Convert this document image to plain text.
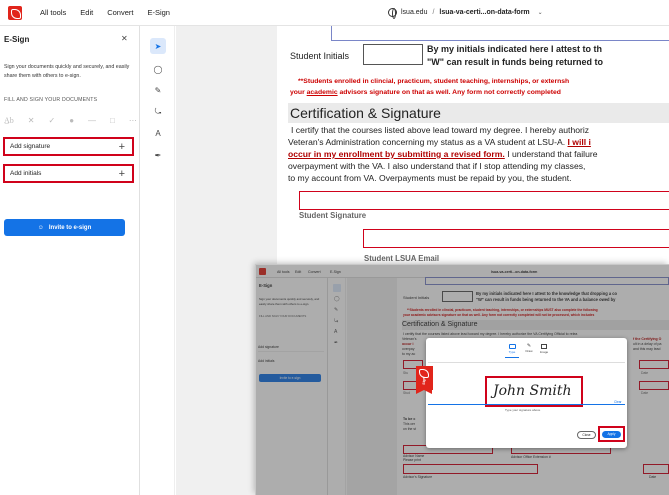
All tools Edit Convert E-Sign	lsua.edu / lsua-va-certi...on-data-form ⌄
E-Sign	✕
Sign your documents quickly and securely, and easily share them with others to e-sign.
FILL AND SIGN YOUR DOCUMENTS
A̲b ✕ ✓ ● — □ ⋯
Add signature	+
Add initials	+
☺ Invite to e-sign
➤
◯
✎
⤿
A
✒
Student Initials
By my initials indicated here I attest to th
"W" can result in funds being returned to
**Students enrolled in clincial, practicum, student teaching, internships, or externsh
your academic advisors signature on that as well. Any form not correctly completed
Certification & Signature
I certify that the courses listed above lead toward my degree. I hereby authoriz
Veteran's Administration concerning my status as a VA student at LSU-A. I will i
occur in my enrollment by submitting a revised form. I understand that failure
overpayment with the VA. I also understand that if I stop attending my classes,
to my account from VA. Overpayments must be repaid by you, the student.
Student Signature
Student LSUA Email
All tools Edit Convert	E-Sign	lsua-va-certi...on-data-form
E-Sign
Sign your documents quickly and securely, and easily share them with others to e-sign.
FILL AND SIGN YOUR DOCUMENTS
Add signature
Add initials
Invite to e-sign
◯
✎
⤿
A
✒
Student Initials
By my initials indicated here I attest to the knowledge that dropping a co
"W" can result in funds being returned to the VA and a balance owed by
**Students enrolled in clincial, practicum, student teaching, internships, or externships MUST also complete the following
your academic advisors signature on that as well. Any form not correctly completed will not be processed, which includes
Certification & Signature
I certify that the courses listed above lead toward my degree. I hereby authorize the VA Certifying Official to relea
Veteran's
occur i
overpay
to my ac
f the Certifying O
ult in a delay of pa
and this may lead
Stu	Date
Stud	Date
To be c
This cer
on the st
Advisor Name
Please print
Advisor Office Extension #
Advisor's Signature	Date
Type
✎
Draw	Image
Sign
John Smith
Type your signature above
Clear
Close	Apply
